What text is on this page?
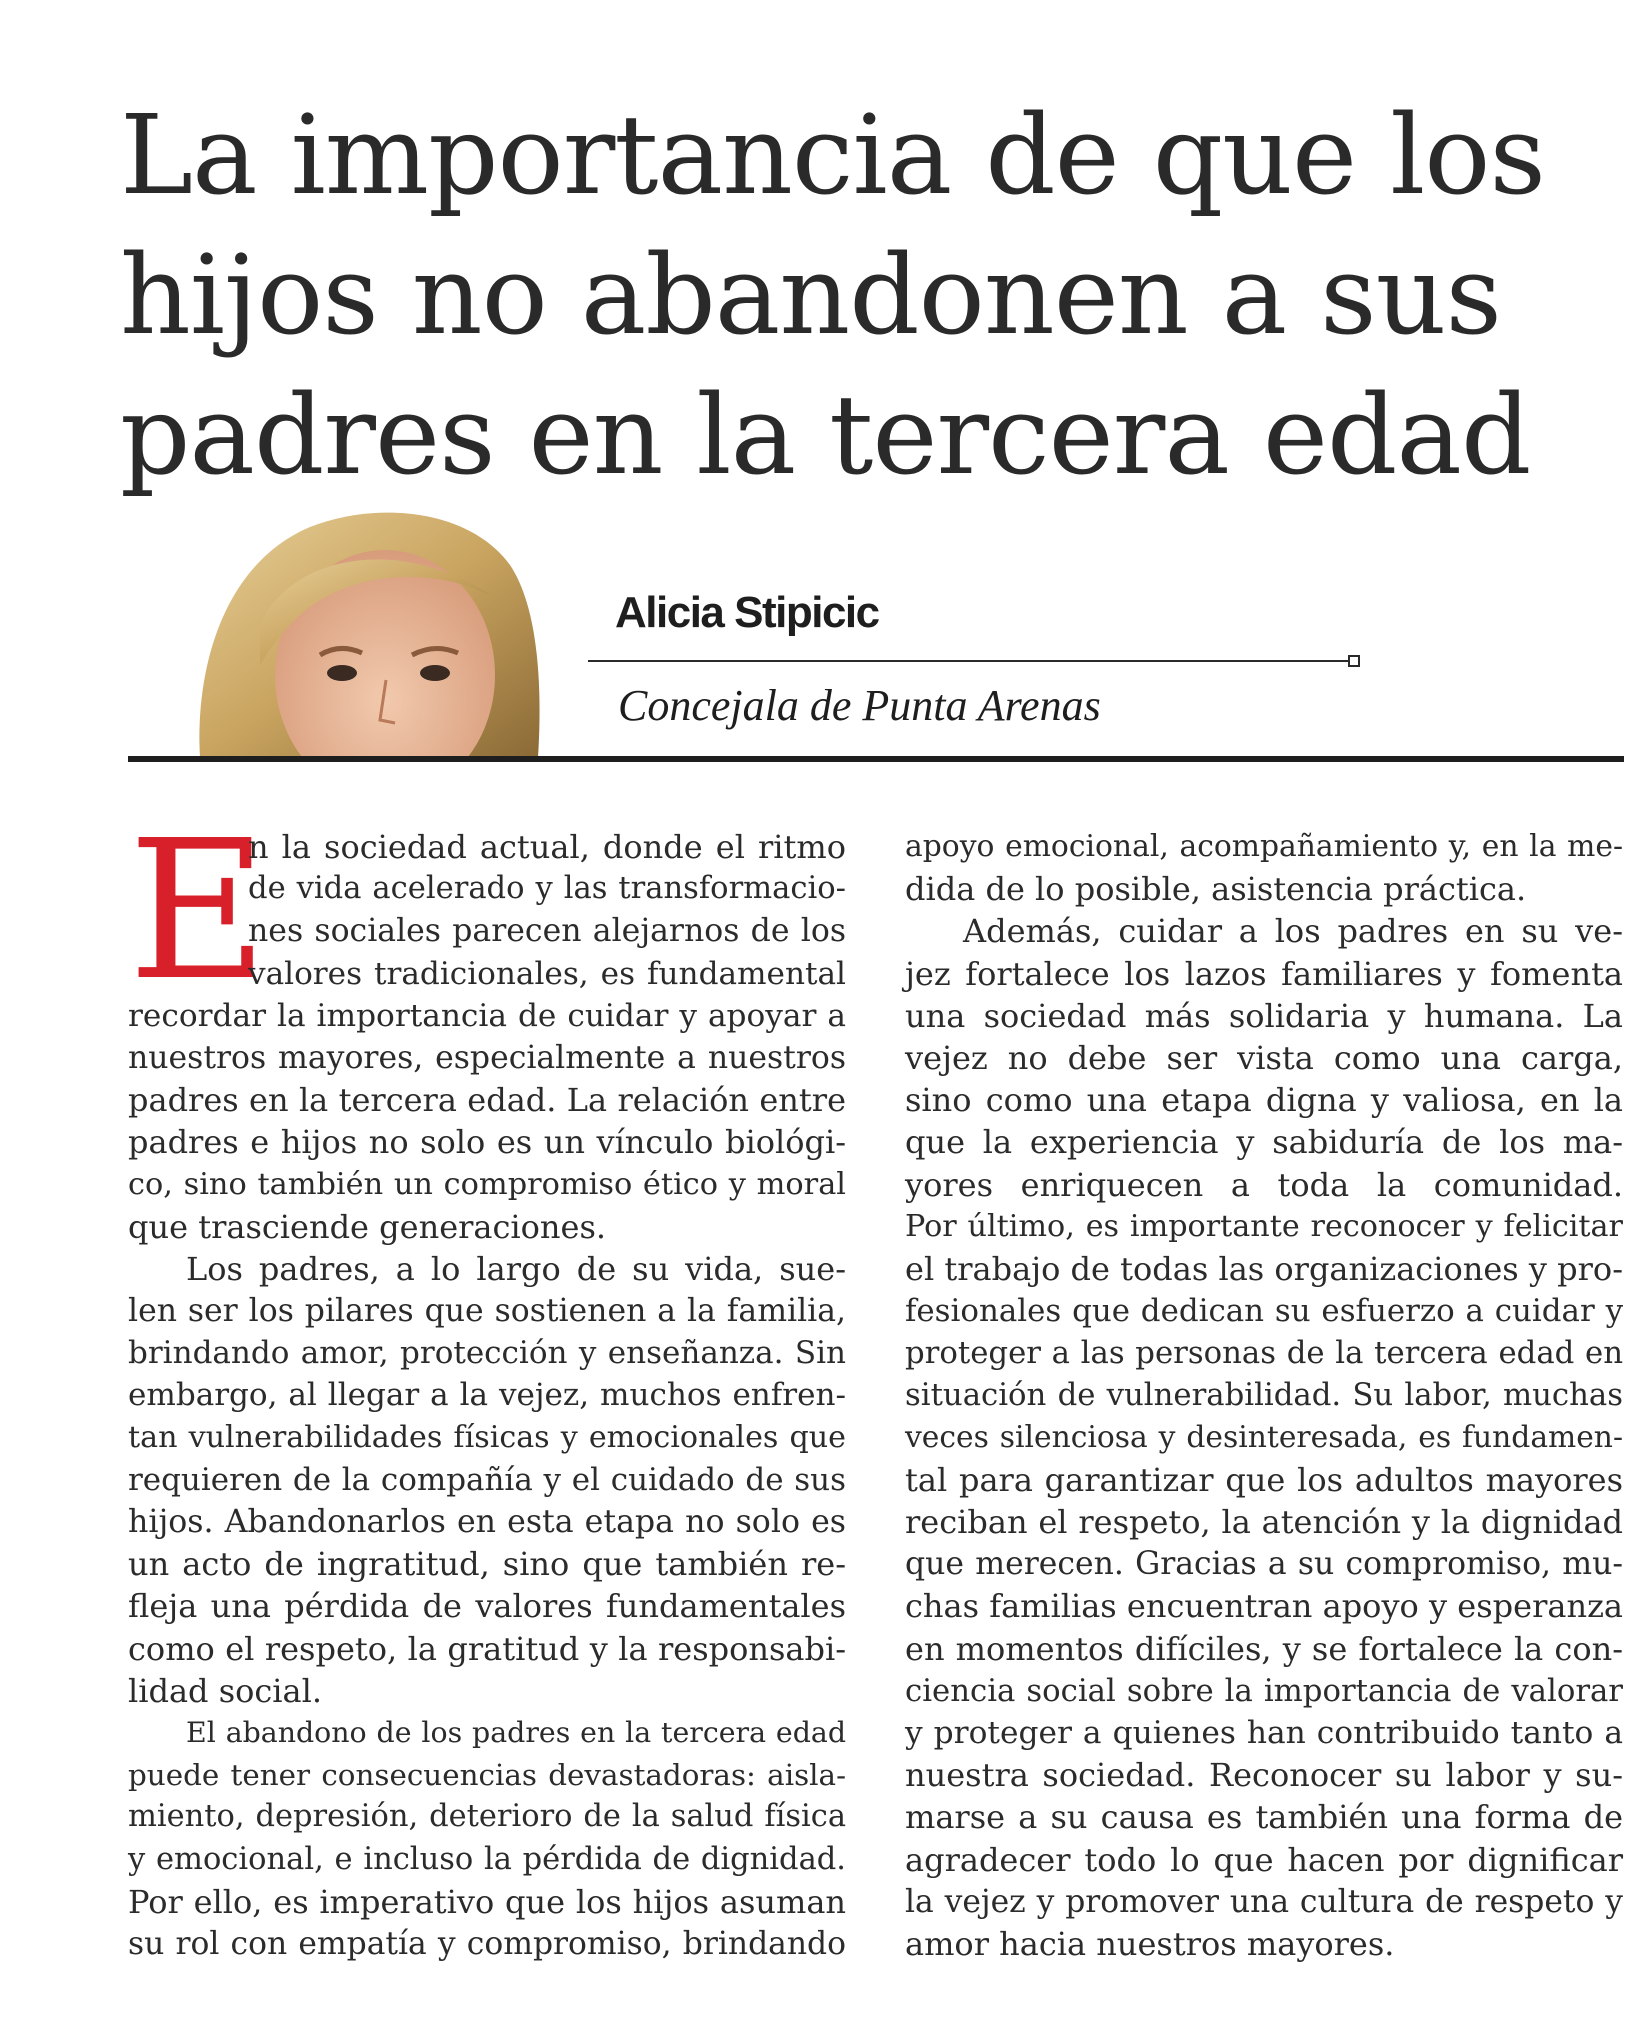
La importancia de que los
hijos no abandonen a sus
padres en la tercera edad
Alicia Stipicic
Concejala de Punta Arenas
E
n la sociedad actual, donde el ritmo
de vida acelerado y las transformacio-
nes sociales parecen alejarnos de los
valores tradicionales, es fundamental
recordar la importancia de cuidar y apoyar a
nuestros mayores, especialmente a nuestros
padres en la tercera edad. La relación entre
padres e hijos no solo es un vínculo biológi-
co, sino también un compromiso ético y moral
que trasciende generaciones.
Los padres, a lo largo de su vida, sue-
len ser los pilares que sostienen a la familia,
brindando amor, protección y enseñanza. Sin
embargo, al llegar a la vejez, muchos enfren-
tan vulnerabilidades físicas y emocionales que
requieren de la compañía y el cuidado de sus
hijos. Abandonarlos en esta etapa no solo es
un acto de ingratitud, sino que también re-
fleja una pérdida de valores fundamentales
como el respeto, la gratitud y la responsabi-
lidad social.
El abandono de los padres en la tercera edad
puede tener consecuencias devastadoras: aisla-
miento, depresión, deterioro de la salud física
y emocional, e incluso la pérdida de dignidad.
Por ello, es imperativo que los hijos asuman
su rol con empatía y compromiso, brindando
apoyo emocional, acompañamiento y, en la me-
dida de lo posible, asistencia práctica.
Además, cuidar a los padres en su ve-
jez fortalece los lazos familiares y fomenta
una sociedad más solidaria y humana. La
vejez no debe ser vista como una carga,
sino como una etapa digna y valiosa, en la
que la experiencia y sabiduría de los ma-
yores enriquecen a toda la comunidad.
Por último, es importante reconocer y felicitar
el trabajo de todas las organizaciones y pro-
fesionales que dedican su esfuerzo a cuidar y
proteger a las personas de la tercera edad en
situación de vulnerabilidad. Su labor, muchas
veces silenciosa y desinteresada, es fundamen-
tal para garantizar que los adultos mayores
reciban el respeto, la atención y la dignidad
que merecen. Gracias a su compromiso, mu-
chas familias encuentran apoyo y esperanza
en momentos difíciles, y se fortalece la con-
ciencia social sobre la importancia de valorar
y proteger a quienes han contribuido tanto a
nuestra sociedad. Reconocer su labor y su-
marse a su causa es también una forma de
agradecer todo lo que hacen por dignificar
la vejez y promover una cultura de respeto y
amor hacia nuestros mayores.
